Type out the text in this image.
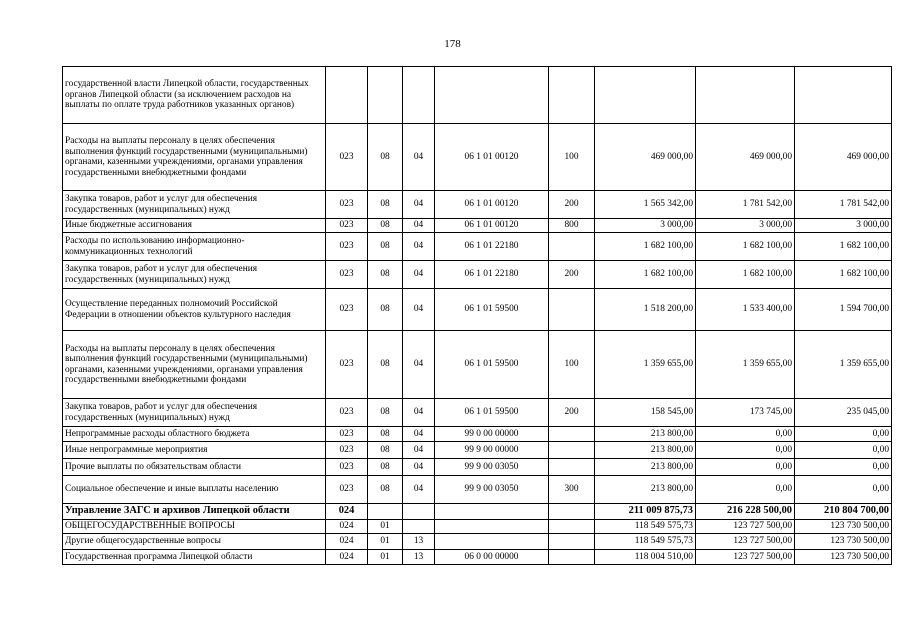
178
государственной власти Липецкой области, государственных органов Липецкой области (за исключением расходов на выплаты по оплате труда работников указанных органов)								
Расходы на выплаты персоналу в целях обеспечения выполнения функций государственными (муниципальными) органами, казенными учреждениями, органами управления государственными внебюджетными фондами	023	08	04	06 1 01 00120	100	469 000,00	469 000,00	469 000,00
Закупка товаров, работ и услуг для обеспечения государственных (муниципальных) нужд	023	08	04	06 1 01 00120	200	1 565 342,00	1 781 542,00	1 781 542,00
Иные бюджетные ассигнования	023	08	04	06 1 01 00120	800	3 000,00	3 000,00	3 000,00
Расходы по использованию информационно-коммуникационных технологий	023	08	04	06 1 01 22180		1 682 100,00	1 682 100,00	1 682 100,00
Закупка товаров, работ и услуг для обеспечения государственных (муниципальных) нужд	023	08	04	06 1 01 22180	200	1 682 100,00	1 682 100,00	1 682 100,00
Осуществление переданных полномочий Российской Федерации в отношении объектов культурного наследия	023	08	04	06 1 01 59500		1 518 200,00	1 533 400,00	1 594 700,00
Расходы на выплаты персоналу в целях обеспечения выполнения функций государственными (муниципальными) органами, казенными учреждениями, органами управления государственными внебюджетными фондами	023	08	04	06 1 01 59500	100	1 359 655,00	1 359 655,00	1 359 655,00
Закупка товаров, работ и услуг для обеспечения государственных (муниципальных) нужд	023	08	04	06 1 01 59500	200	158 545,00	173 745,00	235 045,00
Непрограммные расходы областного бюджета	023	08	04	99 0 00 00000		213 800,00	0,00	0,00
Иные непрограммные мероприятия	023	08	04	99 9 00 00000		213 800,00	0,00	0,00
Прочие выплаты по обязательствам области	023	08	04	99 9 00 03050		213 800,00	0,00	0,00
Социальное обеспечение и иные выплаты населению	023	08	04	99 9 00 03050	300	213 800,00	0,00	0,00
Управление ЗАГС и архивов Липецкой области	024					211 009 875,73	216 228 500,00	210 804 700,00
ОБЩЕГОСУДАРСТВЕННЫЕ ВОПРОСЫ	024	01				118 549 575,73	123 727 500,00	123 730 500,00
Другие общегосударственные вопросы	024	01	13			118 549 575,73	123 727 500,00	123 730 500,00
Государственная программа Липецкой области	024	01	13	06 0 00 00000		118 004 510,00	123 727 500,00	123 730 500,00
